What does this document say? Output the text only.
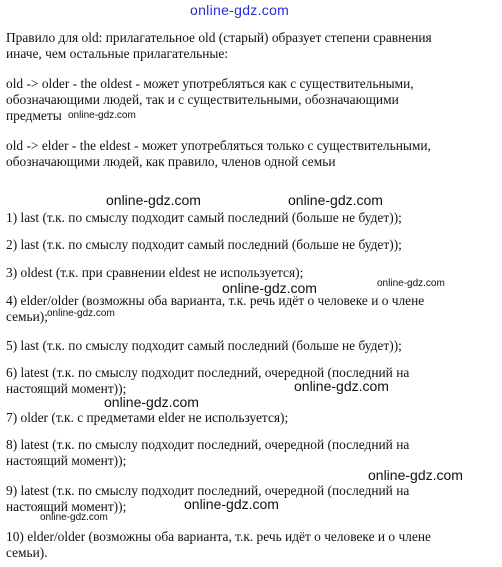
online-gdz.com
Правило для old: прилагательное old (старый) образует степени сравнения
иначе, чем остальные прилагательные:
old -> older - the oldest - может употребляться как с существительными,
обозначающими людей, так и с существительными, обозначающими
предметы
old -> elder - the eldest - может употребляться только с существительными,
обозначающими людей, как правило, членов одной семьи
1) last (т.к. по смыслу подходит самый последний (больше не будет));
2) last (т.к. по смыслу подходит самый последний (больше не будет));
3) oldest (т.к. при сравнении eldest не используется);
4) elder/older (возможны оба варианта, т.к. речь идёт о человеке и о члене
семьи);
5) last (т.к. по смыслу подходит самый последний (больше не будет));
6) latest (т.к. по смыслу подходит последний, очередной (последний на
настоящий момент));
7) older (т.к. с предметами elder не используется);
8) latest (т.к. по смыслу подходит последний, очередной (последний на
настоящий момент));
9) latest (т.к. по смыслу подходит последний, очередной (последний на
настоящий момент));
10) elder/older (возможны оба варианта, т.к. речь идёт о человеке и о члене
семьи).
online-gdz.com
online-gdz.com	online-gdz.com
online-gdz.com
online-gdz.com
online-gdz.com
online-gdz.com
online-gdz.com
online-gdz.com
online-gdz.com
online-gdz.com
